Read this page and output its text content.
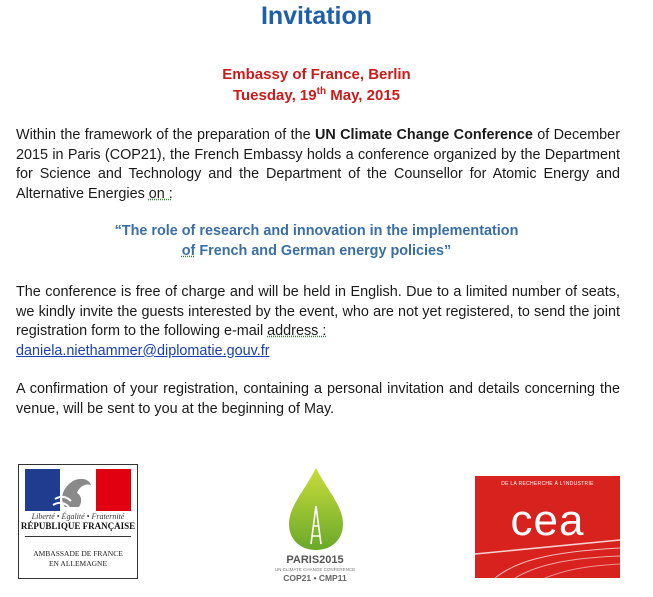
Invitation
Embassy of France, Berlin
Tuesday, 19th May, 2015
Within the framework of the preparation of the UN Climate Change Conference of December 2015 in Paris (COP21), the French Embassy holds a conference organized by the Department for Science and Technology and the Department of the Counsellor for Atomic Energy and Alternative Energies on :
“The role of research and innovation in the implementation
of French and German energy policies”
The conference is free of charge and will be held in English. Due to a limited number of seats, we kindly invite the guests interested by the event, who are not yet registered, to send the joint registration form to the following e-mail address :
daniela.niethammer@diplomatie.gouv.fr
A confirmation of your registration, containing a personal invitation and details concerning the venue, will be sent to you at the beginning of May.
Liberté • Égalité • Fraternité
RÉPUBLIQUE FRANÇAISE
AMBASSADE DE FRANCE
EN ALLEMAGNE	PARIS2015
UN CLIMATE CHANGE CONFERENCE
COP21 • CMP11
DE LA RECHERCHE À L’INDUSTRIE
cea
